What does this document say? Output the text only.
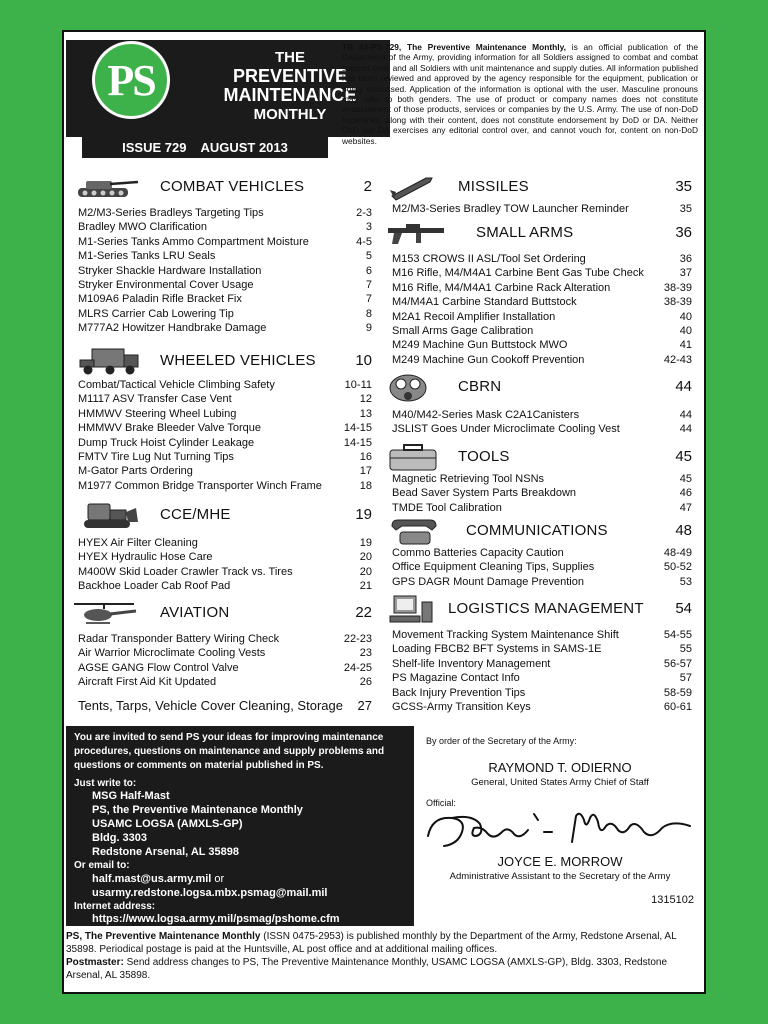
PS	THE
PREVENTIVE
MAINTENANCE
MONTHLY
ISSUE 729 AUGUST 2013
TB 43-PS-729, The Preventive Maintenance Monthly, is an official publication of the Department of the Army, providing information for all Soldiers assigned to combat and combat support units and all Soldiers with unit maintenance and supply duties. All information published has been reviewed and approved by the agency responsible for the equipment, publication or policy discussed. Application of the information is optional with the user. Masculine pronouns may refer to both genders. The use of product or company names does not constitute endorsement of those products, services or companies by the U.S. Army. The use of non-DoD hyperlinks, along with their content, does not constitute endorsement by DoD or DA. Neither DoD nor DA exercises any editorial control over, and cannot vouch for, content on non-DoD websites.
COMBAT VEHICLES	2
M2/M3-Series Bradleys Targeting Tips	2-3
Bradley MWO Clarification	3
M1-Series Tanks Ammo Compartment Moisture	4-5
M1-Series Tanks LRU Seals	5
Stryker Shackle Hardware Installation	6
Stryker Environmental Cover Usage	7
M109A6 Paladin Rifle Bracket Fix	7
MLRS Carrier Cab Lowering Tip	8
M777A2 Howitzer Handbrake Damage	9
WHEELED VEHICLES	10
Combat/Tactical Vehicle Climbing Safety	10-11
M1117 ASV Transfer Case Vent	12
HMMWV Steering Wheel Lubing	13
HMMWV Brake Bleeder Valve Torque	14-15
Dump Truck Hoist Cylinder Leakage	14-15
FMTV Tire Lug Nut Turning Tips	16
M-Gator Parts Ordering	17
M1977 Common Bridge Transporter Winch Frame	18
CCE/MHE	19
HYEX Air Filter Cleaning	19
HYEX Hydraulic Hose Care	20
M400W Skid Loader Crawler Track vs. Tires	20
Backhoe Loader Cab Roof Pad	21
AVIATION	22
Radar Transponder Battery Wiring Check	22-23
Air Warrior Microclimate Cooling Vests	23
AGSE GANG Flow Control Valve	24-25
Aircraft First Aid Kit Updated	26
Tents, Tarps, Vehicle Cover Cleaning, Storage 27
MISSILES	35
M2/M3-Series Bradley TOW Launcher Reminder	35
SMALL ARMS	36
M153 CROWS II ASL/Tool Set Ordering	36
M16 Rifle, M4/M4A1 Carbine Bent Gas Tube Check	37
M16 Rifle, M4/M4A1 Carbine Rack Alteration	38-39
M4/M4A1 Carbine Standard Buttstock	38-39
M2A1 Recoil Amplifier Installation	40
Small Arms Gage Calibration	40
M249 Machine Gun Buttstock MWO	41
M249 Machine Gun Cookoff Prevention	42-43
CBRN	44
M40/M42-Series Mask C2A1Canisters	44
JSLIST Goes Under Microclimate Cooling Vest	44
TOOLS	45
Magnetic Retrieving Tool NSNs	45
Bead Saver System Parts Breakdown	46
TMDE Tool Calibration	47
COMMUNICATIONS	48
Commo Batteries Capacity Caution	48-49
Office Equipment Cleaning Tips, Supplies	50-52
GPS DAGR Mount Damage Prevention	53
LOGISTICS MANAGEMENT 54
Movement Tracking System Maintenance Shift	54-55
Loading FBCB2 BFT Systems in SAMS-1E	55
Shelf-life Inventory Management	56-57
PS Magazine Contact Info	57
Back Injury Prevention Tips	58-59
GCSS-Army Transition Keys	60-61

You are invited to send PS your ideas for improving maintenance

procedures, questions on maintenance and supply problems and

questions or comments on material published in PS.

Just write to:

MSG Half-Mast

PS, the Preventive Maintenance Monthly

USAMC LOGSA (AMXLS-GP)

Bldg. 3303

Redstone Arsenal, AL 35898

Or email to:

half.mast@us.army.mil or

usarmy.redstone.logsa.mbx.psmag@mail.mil

Internet address:

https://www.logsa.army.mil/psmag/pshome.cfm

By order of the Secretary of the Army:
RAYMOND T. ODIERNO
General, United States Army Chief of Staff
Official:
JOYCE E. MORROW
Administrative Assistant to the Secretary of the Army
1315102

PS, The Preventive Maintenance Monthly (ISSN 0475-2953) is published monthly by the Department of the Army, Redstone Arsenal, AL 35898. Periodical postage is paid at the Huntsville, AL post office and at additional mailing offices.

Postmaster: Send address changes to PS, The Preventive Maintenance Monthly, USAMC LOGSA (AMXLS-GP), Bldg. 3303, Redstone Arsenal, AL 35898.
